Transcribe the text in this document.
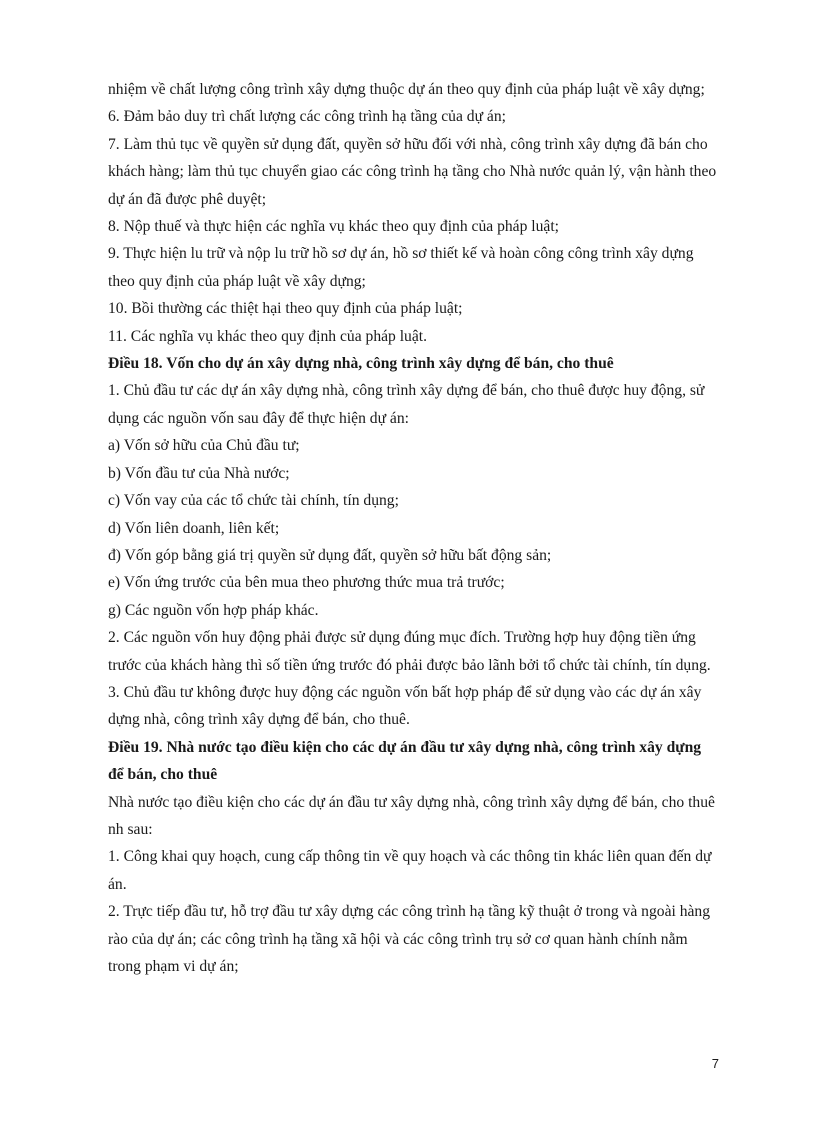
nhiệm về chất lượng công trình xây dựng thuộc dự án theo quy định của pháp luật về xây dựng;

6. Đảm bảo duy trì chất lượng các công trình hạ tầng của dự án;

7. Làm thủ tục về quyền sử dụng đất, quyền sở hữu đối với nhà, công trình xây dựng đã bán cho khách hàng; làm thủ tục chuyển giao các công trình hạ tầng cho Nhà nước quản lý, vận hành theo dự án đã được phê duyệt;

8. Nộp thuế và thực hiện các nghĩa vụ khác theo quy định của pháp luật;

9. Thực hiện lu trữ và nộp lu trữ hồ sơ dự án, hồ sơ thiết kế và hoàn công công trình xây dựng theo quy định của pháp luật về xây dựng;

10. Bồi thường các thiệt hại theo quy định của pháp luật;

11. Các nghĩa vụ khác theo quy định của pháp luật.

Điều 18. Vốn cho dự án xây dựng nhà, công trình xây dựng để bán, cho thuê

1. Chủ đầu tư các dự án xây dựng nhà, công trình xây dựng để bán, cho thuê được huy động, sử dụng các nguồn vốn sau đây để thực hiện dự án:

a) Vốn sở hữu của Chủ đầu tư;

b) Vốn đầu tư của Nhà nước;

c) Vốn vay của các tổ chức tài chính, tín dụng;

d) Vốn liên doanh, liên kết;

đ) Vốn góp bằng giá trị quyền sử dụng đất, quyền sở hữu bất động sản;

e) Vốn ứng trước của bên mua theo phương thức mua trả trước;

g) Các nguồn vốn hợp pháp khác.

2. Các nguồn vốn huy động phải được sử dụng đúng mục đích. Trường hợp huy động tiền ứng trước của khách hàng thì số tiền ứng trước đó phải được bảo lãnh bởi tổ chức tài chính, tín dụng.

3. Chủ đầu tư không được huy động các nguồn vốn bất hợp pháp để sử dụng vào các dự án xây dựng nhà, công trình xây dựng để bán, cho thuê.

Điều 19. Nhà nước tạo điều kiện cho các dự án đầu tư xây dựng nhà, công trình xây dựng để bán, cho thuê

Nhà nước tạo điều kiện cho các dự án đầu tư xây dựng nhà, công trình xây dựng để bán, cho thuê nh sau:

1. Công khai quy hoạch, cung cấp thông tin về quy hoạch và các thông tin khác liên quan đến dự án.

2. Trực tiếp đầu tư, hỗ trợ đầu tư xây dựng các công trình hạ tầng kỹ thuật ở trong và ngoài hàng rào của dự án; các công trình hạ tầng xã hội và các công trình trụ sở cơ quan hành chính nằm trong phạm vi dự án;

7
